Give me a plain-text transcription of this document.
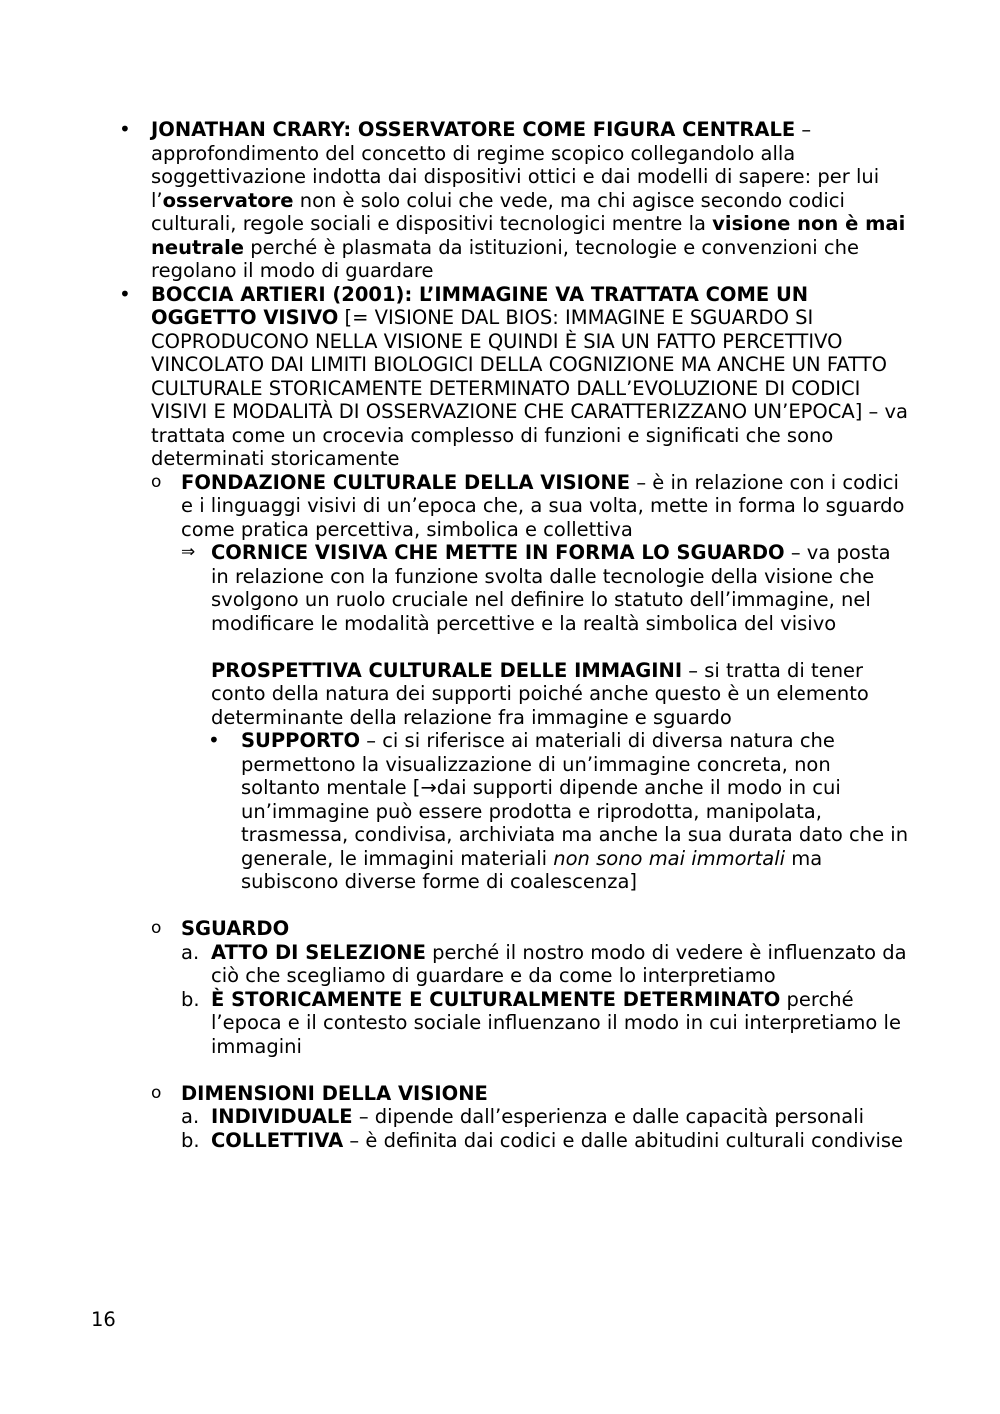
• JONATHAN CRARY: OSSERVATORE COME FIGURA CENTRALE – approfondimento del concetto di regime scopico collegandolo alla soggettivazione indotta dai dispositivi ottici e dai modelli di sapere: per lui l’osservatore non è solo colui che vede, ma chi agisce secondo codici culturali, regole sociali e dispositivi tecnologici mentre la visione non è mai neutrale perché è plasmata da istituzioni, tecnologie e convenzioni che regolano il modo di guardare
• BOCCIA ARTIERI (2001): L’IMMAGINE VA TRATTATA COME UN OGGETTO VISIVO [= VISIONE DAL BIOS: IMMAGINE E SGUARDO SI COPRODUCONO NELLA VISIONE E QUINDI È SIA UN FATTO PERCETTIVO VINCOLATO DAI LIMITI BIOLOGICI DELLA COGNIZIONE MA ANCHE UN FATTO CULTURALE STORICAMENTE DETERMINATO DALL’EVOLUZIONE DI CODICI VISIVI E MODALITÀ DI OSSERVAZIONE CHE CARATTERIZZANO UN’EPOCA] – va trattata come un crocevia complesso di funzioni e significati che sono determinati storicamente
o FONDAZIONE CULTURALE DELLA VISIONE – è in relazione con i codici e i linguaggi visivi di un’epoca che, a sua volta, mette in forma lo sguardo come pratica percettiva, simbolica e collettiva
⇒ CORNICE VISIVA CHE METTE IN FORMA LO SGUARDO – va posta in relazione con la funzione svolta dalle tecnologie della visione che svolgono un ruolo cruciale nel definire lo statuto dell’immagine, nel modificare le modalità percettive e la realtà simbolica del visivo
PROSPETTIVA CULTURALE DELLE IMMAGINI – si tratta di tener conto della natura dei supporti poiché anche questo è un elemento determinante della relazione fra immagine e sguardo
• SUPPORTO – ci si riferisce ai materiali di diversa natura che permettono la visualizzazione di un’immagine concreta, non soltanto mentale [→dai supporti dipende anche il modo in cui un’immagine può essere prodotta e riprodotta, manipolata, trasmessa, condivisa, archiviata ma anche la sua durata dato che in generale, le immagini materiali non sono mai immortali ma subiscono diverse forme di coalescenza]
o SGUARDO
a. ATTO DI SELEZIONE perché il nostro modo di vedere è influenzato da ciò che scegliamo di guardare e da come lo interpretiamo
b. È STORICAMENTE E CULTURALMENTE DETERMINATO perché l’epoca e il contesto sociale influenzano il modo in cui interpretiamo le immagini
o DIMENSIONI DELLA VISIONE
a. INDIVIDUALE – dipende dall’esperienza e dalle capacità personali
b. COLLETTIVA – è definita dai codici e dalle abitudini culturali condivise
16
